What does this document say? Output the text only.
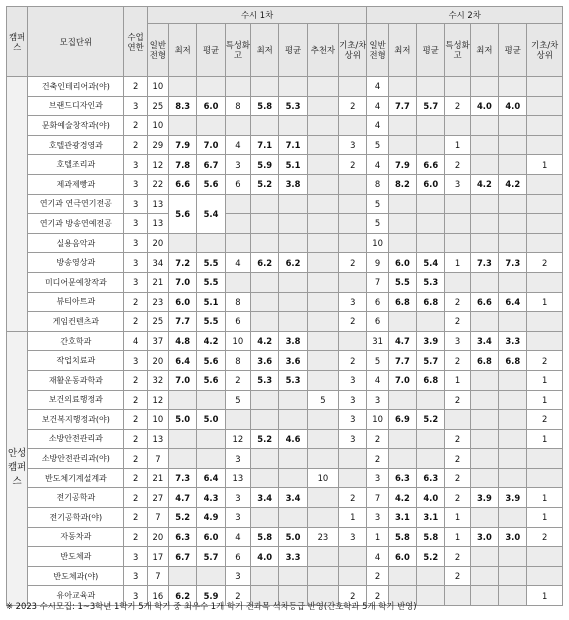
캠퍼스	모집단위	수업연한	수시 1차								수시 2차						
			일반전형	최저	평균	특성화고	최저	평균	추천자	기초/차상위	일반전형	최저	평균	특성화고	최저	평균	기초/차상위
	건축인테리어과(야)	2	10								4						
	브랜드디자인과	3	25	8.3	6.0	8	5.8	5.3		2	4	7.7	5.7	2	4.0	4.0	
	문화예술창작과(야)	2	10								4						
	호텔관광경영과	2	29	7.9	7.0	4	7.1	7.1		3	5			1			
	호텔조리과	3	12	7.8	6.7	3	5.9	5.1		2	4	7.9	6.6	2			1
	제과제빵과	3	22	6.6	5.6	6	5.2	3.8			8	8.2	6.0	3	4.2	4.2	
	연기과 연극연기전공	3	13	5.6	5.4						5						
	연기과 방송연예전공	3	13								5						
	실용음악과	3	20								10						
	방송영상과	3	34	7.2	5.5	4	6.2	6.2		2	9	6.0	5.4	1	7.3	7.3	2
	미디어문예창작과	3	21	7.0	5.5						7	5.5	5.3				
	뷰티아트과	2	23	6.0	5.1	8				3	6	6.8	6.8	2	6.6	6.4	1
	게임컨텐츠과	2	25	7.7	5.5	6				2	6			2			
안성캠퍼스	간호학과	4	37	4.8	4.2	10	4.2	3.8			31	4.7	3.9	3	3.4	3.3	
	작업치료과	3	20	6.4	5.6	8	3.6	3.6		2	5	7.7	5.7	2	6.8	6.8	2
	재활운동과학과	2	32	7.0	5.6	2	5.3	5.3		3	4	7.0	6.8	1			1
	보건의료행정과	2	12			5			5	3	3			2			1
	보건복지행정과(야)	2	10	5.0	5.0					3	10	6.9	5.2				2
	소방안전관리과	2	13			12	5.2	4.6		3	2			2			1
	소방안전관리과(야)	2	7			3					2			2			
	반도체기계설계과	2	21	7.3	6.4	13			10		3	6.3	6.3	2			
	전기공학과	2	27	4.7	4.3	3	3.4	3.4		2	7	4.2	4.0	2	3.9	3.9	1
	전기공학과(야)	2	7	5.2	4.9	3				1	3	3.1	3.1	1			1
	자동차과	2	20	6.3	6.0	4	5.8	5.0	23	3	1	5.8	5.8	1	3.0	3.0	2
	반도체과	3	17	6.7	5.7	6	4.0	3.3			4	6.0	5.2	2			
	반도체과(야)	3	7			3					2			2			
	유아교육과	3	16	6.2	5.9	2				2	2						1
※ 2023 수시모집: 1~3학년 1학기 5개 학기 중 최우수 1개 학기 전과목 석차등급 반영(간호학과 5개 학기 반영)
